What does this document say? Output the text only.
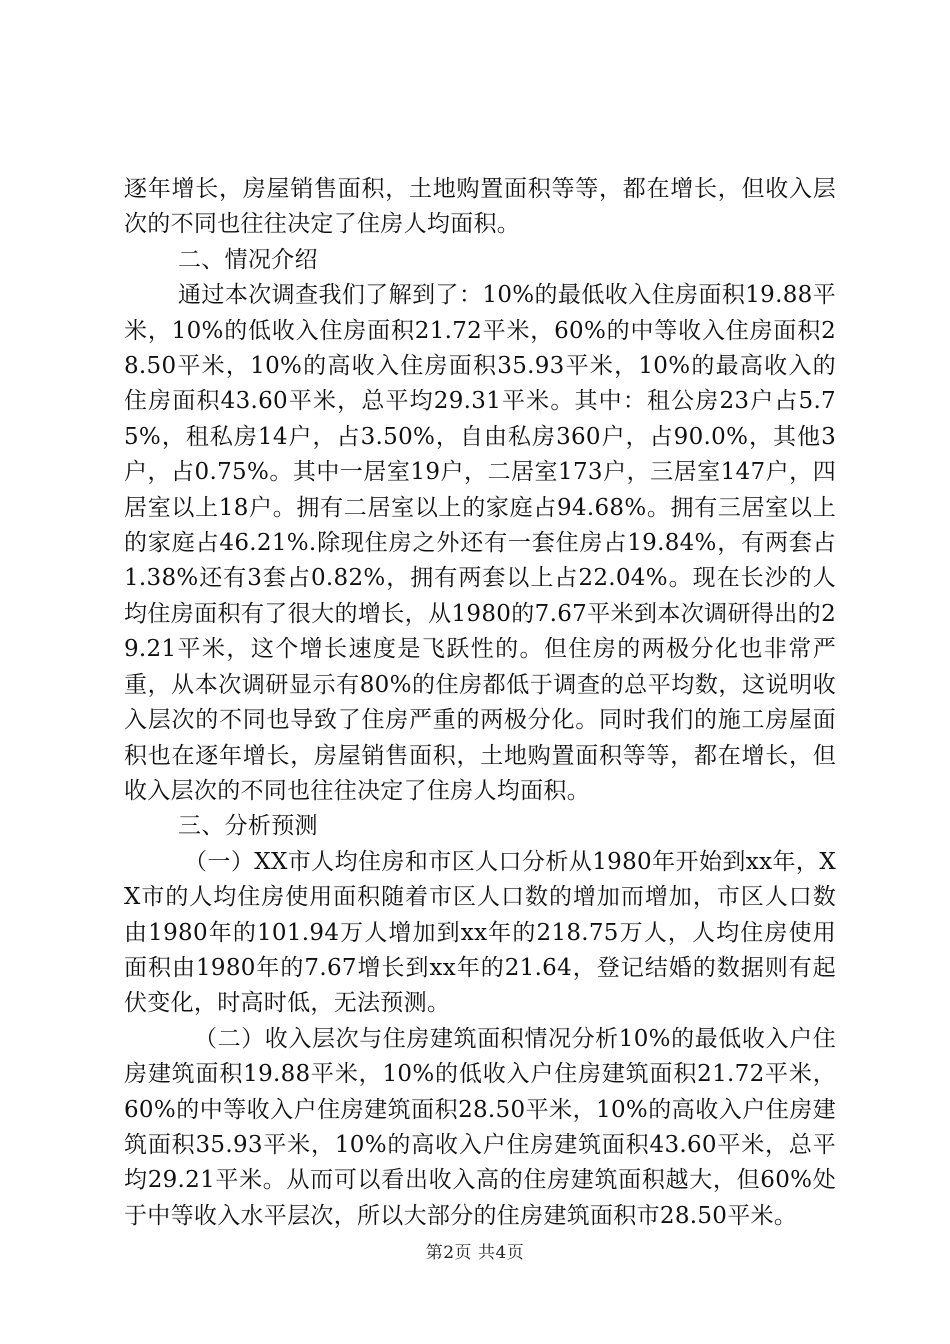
逐年增长，房屋销售面积，土地购置面积等等，都在增长，但收入层次的不同也往往决定了住房人均面积。

二、情况介绍

通过本次调查我们了解到了：10%的最低收入住房面积19.88平米，10%的低收入住房面积21.72平米，60%的中等收入住房面积28.50平米，10%的高收入住房面积35.93平米，10%的最高收入的住房面积43.60平米，总平均29.31平米。其中：租公房23户占5.75%，租私房14户，占3.50%，自由私房360户，占90.0%，其他3户，占0.75%。其中一居室19户，二居室173户，三居室147户，四居室以上18户。拥有二居室以上的家庭占94.68%。拥有三居室以上的家庭占46.21%.除现住房之外还有一套住房占19.84%，有两套占1.38%还有3套占0.82%，拥有两套以上占22.04%。现在长沙的人均住房面积有了很大的增长，从1980的7.67平米到本次调研得出的29.21平米，这个增长速度是飞跃性的。但住房的两极分化也非常严重，从本次调研显示有80%的住房都低于调查的总平均数，这说明收入层次的不同也导致了住房严重的两极分化。同时我们的施工房屋面积也在逐年增长，房屋销售面积，土地购置面积等等，都在增长，但收入层次的不同也往往决定了住房人均面积。

三、分析预测

（一）XX市人均住房和市区人口分析从1980年开始到xx年，XX市的人均住房使用面积随着市区人口数的增加而增加，市区人口数由1980年的101.94万人增加到xx年的218.75万人，人均住房使用面积由1980年的7.67增长到xx年的21.64，登记结婚的数据则有起伏变化，时高时低，无法预测。

（二）收入层次与住房建筑面积情况分析10%的最低收入户住房建筑面积19.88平米，10%的低收入户住房建筑面积21.72平米，60%的中等收入户住房建筑面积28.50平米，10%的高收入户住房建筑面积35.93平米，10%的高收入户住房建筑面积43.60平米，总平均29.21平米。从而可以看出收入高的住房建筑面积越大，但60%处于中等收入水平层次，所以大部分的住房建筑面积市28.50平米。

第2页 共4页
